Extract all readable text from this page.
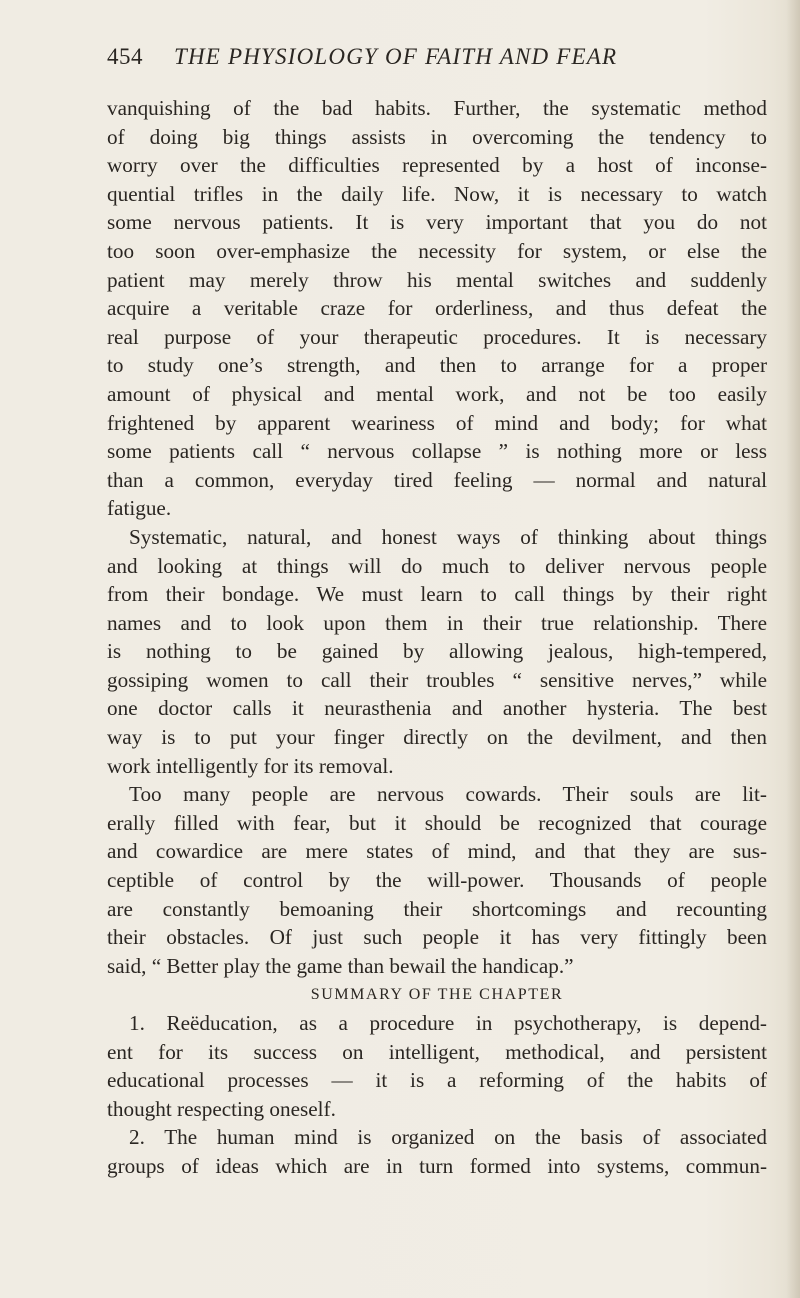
454 THE PHYSIOLOGY OF FAITH AND FEAR
vanquishing of the bad habits. Further, the systematic method
of doing big things assists in overcoming the tendency to
worry over the difficulties represented by a host of inconse-
quential trifles in the daily life. Now, it is necessary to watch
some nervous patients. It is very important that you do not
too soon over-emphasize the necessity for system, or else the
patient may merely throw his mental switches and suddenly
acquire a veritable craze for orderliness, and thus defeat the
real purpose of your therapeutic procedures. It is necessary
to study one’s strength, and then to arrange for a proper
amount of physical and mental work, and not be too easily
frightened by apparent weariness of mind and body; for what
some patients call “ nervous collapse ” is nothing more or less
than a common, everyday tired feeling — normal and natural
fatigue.
Systematic, natural, and honest ways of thinking about things
and looking at things will do much to deliver nervous people
from their bondage. We must learn to call things by their right
names and to look upon them in their true relationship. There
is nothing to be gained by allowing jealous, high-tempered,
gossiping women to call their troubles “ sensitive nerves,” while
one doctor calls it neurasthenia and another hysteria. The best
way is to put your finger directly on the devilment, and then
work intelligently for its removal.
Too many people are nervous cowards. Their souls are lit-
erally filled with fear, but it should be recognized that courage
and cowardice are mere states of mind, and that they are sus-
ceptible of control by the will-power. Thousands of people
are constantly bemoaning their shortcomings and recounting
their obstacles. Of just such people it has very fittingly been
said, “ Better play the game than bewail the handicap.”
SUMMARY OF THE CHAPTER
1. Reëducation, as a procedure in psychotherapy, is depend-
ent for its success on intelligent, methodical, and persistent
educational processes — it is a reforming of the habits of
thought respecting oneself.
2. The human mind is organized on the basis of associated
groups of ideas which are in turn formed into systems, commun-
